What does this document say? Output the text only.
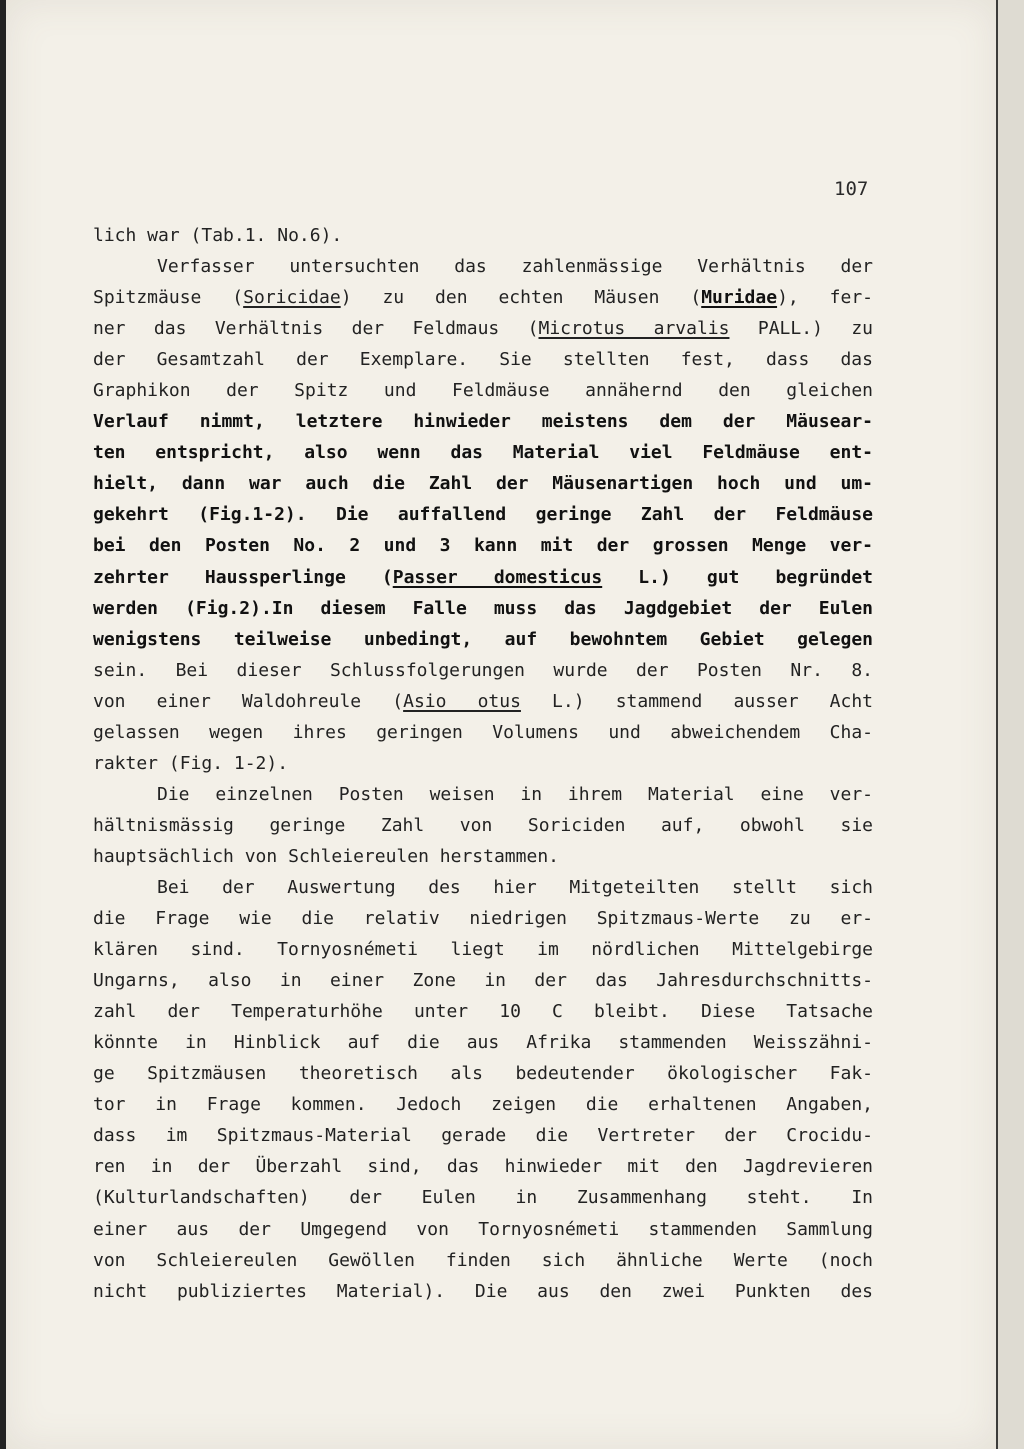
107
lich war (Tab.1. No.6).
Verfasser untersuchten das zahlenmässige Verhältnis der
Spitzmäuse (Soricidae) zu den echten Mäusen (Muridae), fer-
ner das Verhältnis der Feldmaus (Microtus arvalis PALL.) zu
der Gesamtzahl der Exemplare. Sie stellten fest, dass das
Graphikon der Spitz und Feldmäuse annähernd den gleichen
Verlauf nimmt, letztere hinwieder meistens dem der Mäusear-
ten entspricht, also wenn das Material viel Feldmäuse ent-
hielt, dann war auch die Zahl der Mäusenartigen hoch und um-
gekehrt (Fig.1-2). Die auffallend geringe Zahl der Feldmäuse
bei den Posten No. 2 und 3 kann mit der grossen Menge ver-
zehrter Haussperlinge (Passer domesticus L.) gut begründet
werden (Fig.2).In diesem Falle muss das Jagdgebiet der Eulen
wenigstens teilweise unbedingt, auf bewohntem Gebiet gelegen
sein. Bei dieser Schlussfolgerungen wurde der Posten Nr. 8.
von einer Waldohreule (Asio otus L.) stammend ausser Acht
gelassen wegen ihres geringen Volumens und abweichendem Cha-
rakter (Fig. 1-2).
Die einzelnen Posten weisen in ihrem Material eine ver-
hältnismässig geringe Zahl von Soriciden auf, obwohl sie
hauptsächlich von Schleiereulen herstammen.
Bei der Auswertung des hier Mitgeteilten stellt sich
die Frage wie die relativ niedrigen Spitzmaus-Werte zu er-
klären sind. Tornyosnémeti liegt im nördlichen Mittelgebirge
Ungarns, also in einer Zone in der das Jahresdurchschnitts-
zahl der Temperaturhöhe unter 10 C bleibt. Diese Tatsache
könnte in Hinblick auf die aus Afrika stammenden Weisszähni-
ge Spitzmäusen theoretisch als bedeutender ökologischer Fak-
tor in Frage kommen. Jedoch zeigen die erhaltenen Angaben,
dass im Spitzmaus-Material gerade die Vertreter der Crocidu-
ren in der Überzahl sind, das hinwieder mit den Jagdrevieren
(Kulturlandschaften) der Eulen in Zusammenhang steht. In
einer aus der Umgegend von Tornyosnémeti stammenden Sammlung
von Schleiereulen Gewöllen finden sich ähnliche Werte (noch
nicht publiziertes Material). Die aus den zwei Punkten des
